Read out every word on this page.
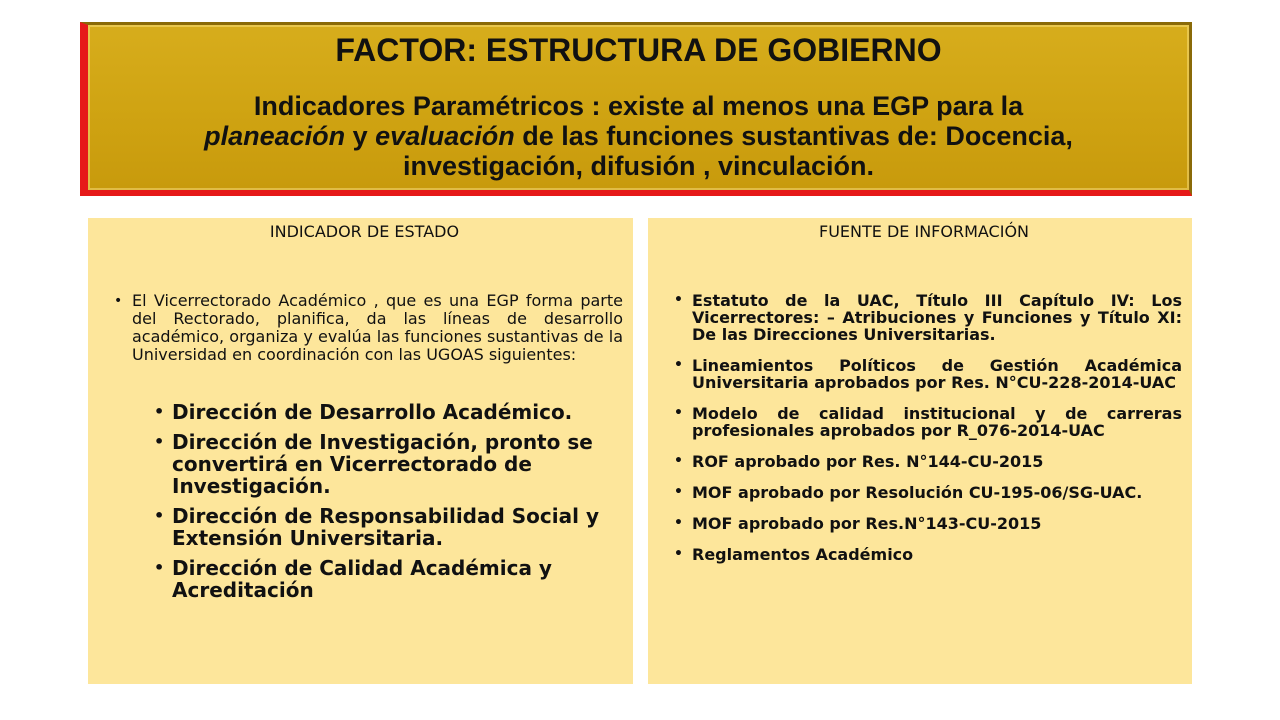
FACTOR: ESTRUCTURA DE GOBIERNO
Indicadores Paramétricos : existe al menos una EGP para la
planeación y evaluación de las funciones sustantivas de: Docencia,
investigación, difusión , vinculación.
INDICADOR DE ESTADO
• El Vicerrectorado Académico , que es una EGP forma parte del Rectorado, planifica, da las líneas de desarrollo académico, organiza y evalúa las funciones sustantivas de la Universidad en coordinación con las UGOAS siguientes:
• Dirección de Desarrollo Académico.
• Dirección de Investigación, pronto se convertirá en Vicerrectorado de Investigación.
• Dirección de Responsabilidad Social y Extensión Universitaria.
• Dirección de Calidad Académica y Acreditación
FUENTE DE INFORMACIÓN
• Estatuto de la UAC, Título III Capítulo IV: Los Vicerrectores: – Atribuciones y Funciones y Título XI: De las Direcciones Universitarias.
• Lineamientos Políticos de Gestión Académica Universitaria aprobados por Res. N°CU-228-2014-UAC
• Modelo de calidad institucional y de carreras profesionales aprobados por R_076-2014-UAC
• ROF aprobado por Res. N°144-CU-2015
• MOF aprobado por Resolución CU-195-06/SG-UAC.
• MOF aprobado por Res.N°143-CU-2015
• Reglamentos Académico
